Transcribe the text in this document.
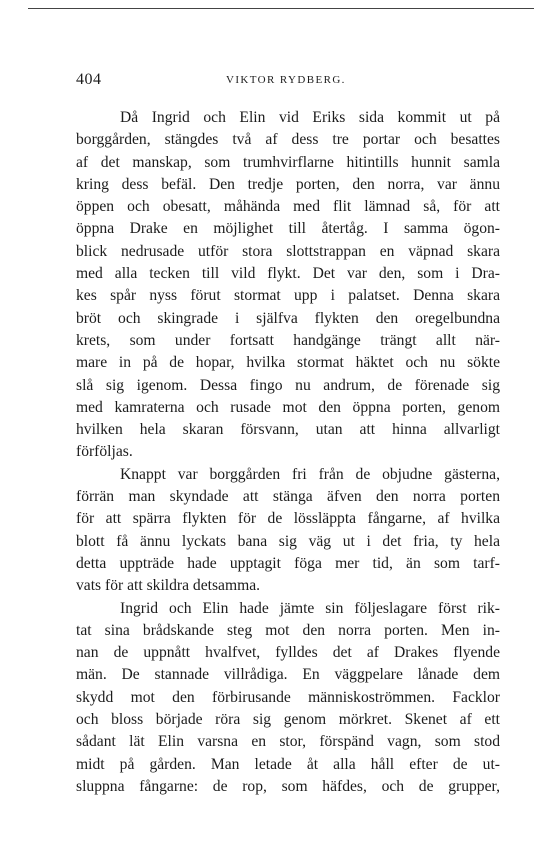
404	VIKTOR RYDBERG.
Då Ingrid och Elin vid Eriks sida kommit ut på
borggården, stängdes två af dess tre portar och besattes
af det manskap, som trumhvirflarne hitintills hunnit samla
kring dess befäl. Den tredje porten, den norra, var ännu
öppen och obesatt, måhända med flit lämnad så, för att
öppna Drake en möjlighet till återtåg. I samma ögon-
blick nedrusade utför stora slottstrappan en väpnad skara
med alla tecken till vild flykt. Det var den, som i Dra-
kes spår nyss förut stormat upp i palatset. Denna skara
bröt och skingrade i själfva flykten den oregelbundna
krets, som under fortsatt handgänge trängt allt när-
mare in på de hopar, hvilka stormat häktet och nu sökte
slå sig igenom. Dessa fingo nu andrum, de förenade sig
med kamraterna och rusade mot den öppna porten, genom
hvilken hela skaran försvann, utan att hinna allvarligt
förföljas.
Knappt var borggården fri från de objudne gästerna,
förrän man skyndade att stänga äfven den norra porten
för att spärra flykten för de lössläppta fångarne, af hvilka
blott få ännu lyckats bana sig väg ut i det fria, ty hela
detta uppträde hade upptagit föga mer tid, än som tarf-
vats för att skildra detsamma.
Ingrid och Elin hade jämte sin följeslagare först rik-
tat sina brådskande steg mot den norra porten. Men in-
nan de uppnått hvalfvet, fylldes det af Drakes flyende
män. De stannade villrådiga. En väggpelare lånade dem
skydd mot den förbirusande människoströmmen. Facklor
och bloss började röra sig genom mörkret. Skenet af ett
sådant lät Elin varsna en stor, förspänd vagn, som stod
midt på gården. Man letade åt alla håll efter de ut-
sluppna fångarne: de rop, som häfdes, och de grupper,
